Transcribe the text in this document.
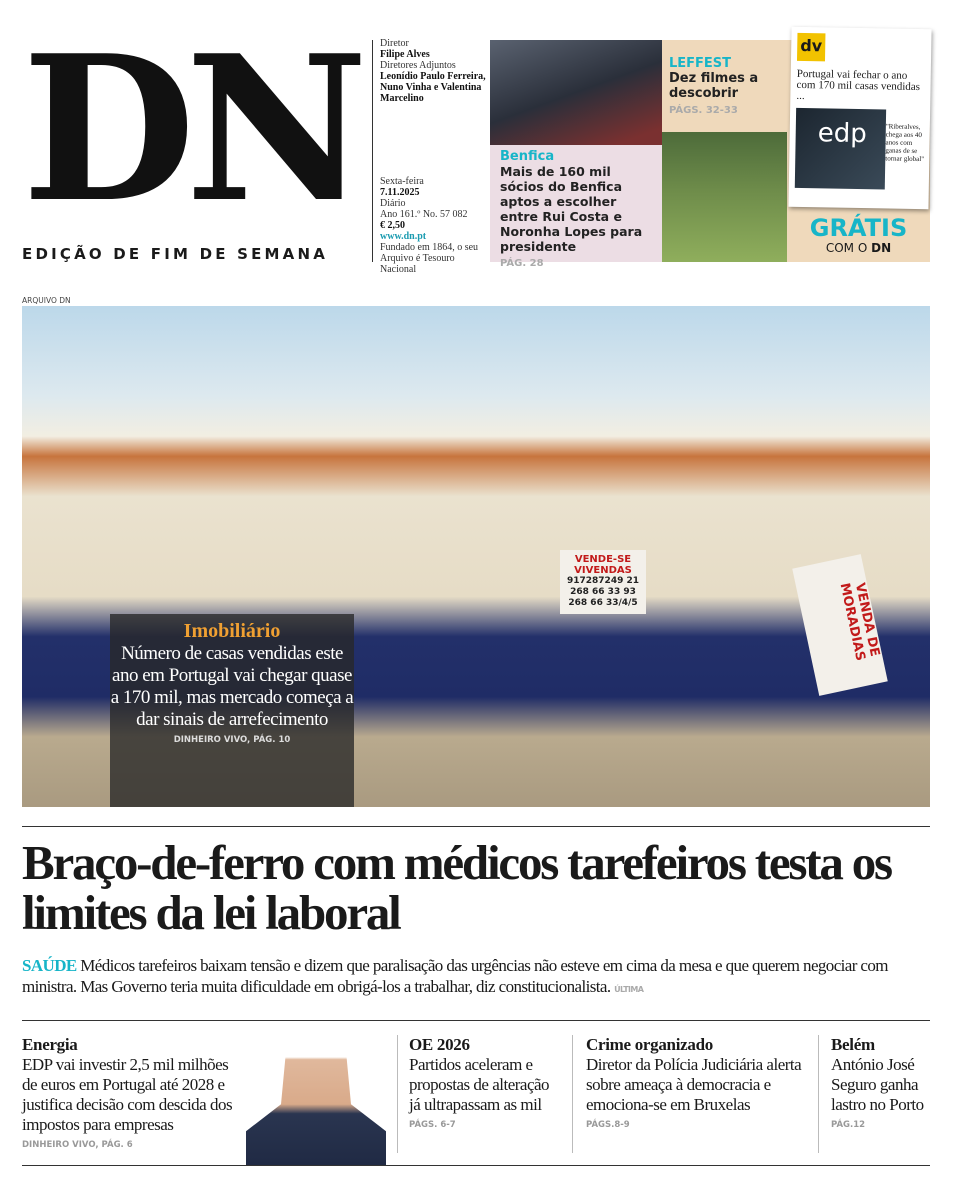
DN
EDIÇÃO DE FIM DE SEMANA
Diretor
Filipe Alves
Diretores Adjuntos
Leonídio Paulo Ferreira, Nuno Vinha e Valentina Marcelino
Sexta-feira
7.11.2025
Diário
Ano 161.º No. 57 082
€ 2,50
www.dn.pt
Fundado em 1864, o seu Arquivo é Tesouro Nacional
Benfica
Mais de 160 mil sócios do Benfica aptos a escolher entre Rui Costa e Noronha Lopes para presidente
PÁG. 28
LEFFEST
Dez filmes a descobrir
PÁGS. 32-33
dv
Portugal vai fechar o ano com 170 mil casas vendidas ...
edp	"Riberalves, chega aos 40 anos com ganas de se tornar global"
GRÁTIS
COM O DN
ARQUIVO DN
VENDE-SE VIVENDAS
917287249 21 268 66 33 93 268 66 33/4/5	VENDA DE MORADIAS
Imobiliário
Número de casas vendidas este ano em Portugal vai chegar quase a 170 mil, mas mercado começa a dar sinais de arrefecimento
DINHEIRO VIVO, PÁG. 10
Braço-de-ferro com médicos tarefeiros testa os limites da lei laboral
SAÚDE Médicos tarefeiros baixam tensão e dizem que paralisação das urgências não esteve em cima da mesa e que querem negociar com ministra. Mas Governo teria muita dificuldade em obrigá-los a trabalhar, diz constitucionalista. ÚLTIMA
Energia

EDP vai investir 2,5 mil milhões de euros em Portugal até 2028 e justifica decisão com descida dos impostos para empresas

DINHEIRO VIVO, PÁG. 6
OE 2026

Partidos aceleram e propostas de alteração já ultrapassam as mil

PÁGS. 6-7
Crime organizado

Diretor da Polícia Judiciária alerta sobre ameaça à democracia e emociona-se em Bruxelas

PÁGS.8-9
Belém

António José Seguro ganha lastro no Porto

PÁG.12
